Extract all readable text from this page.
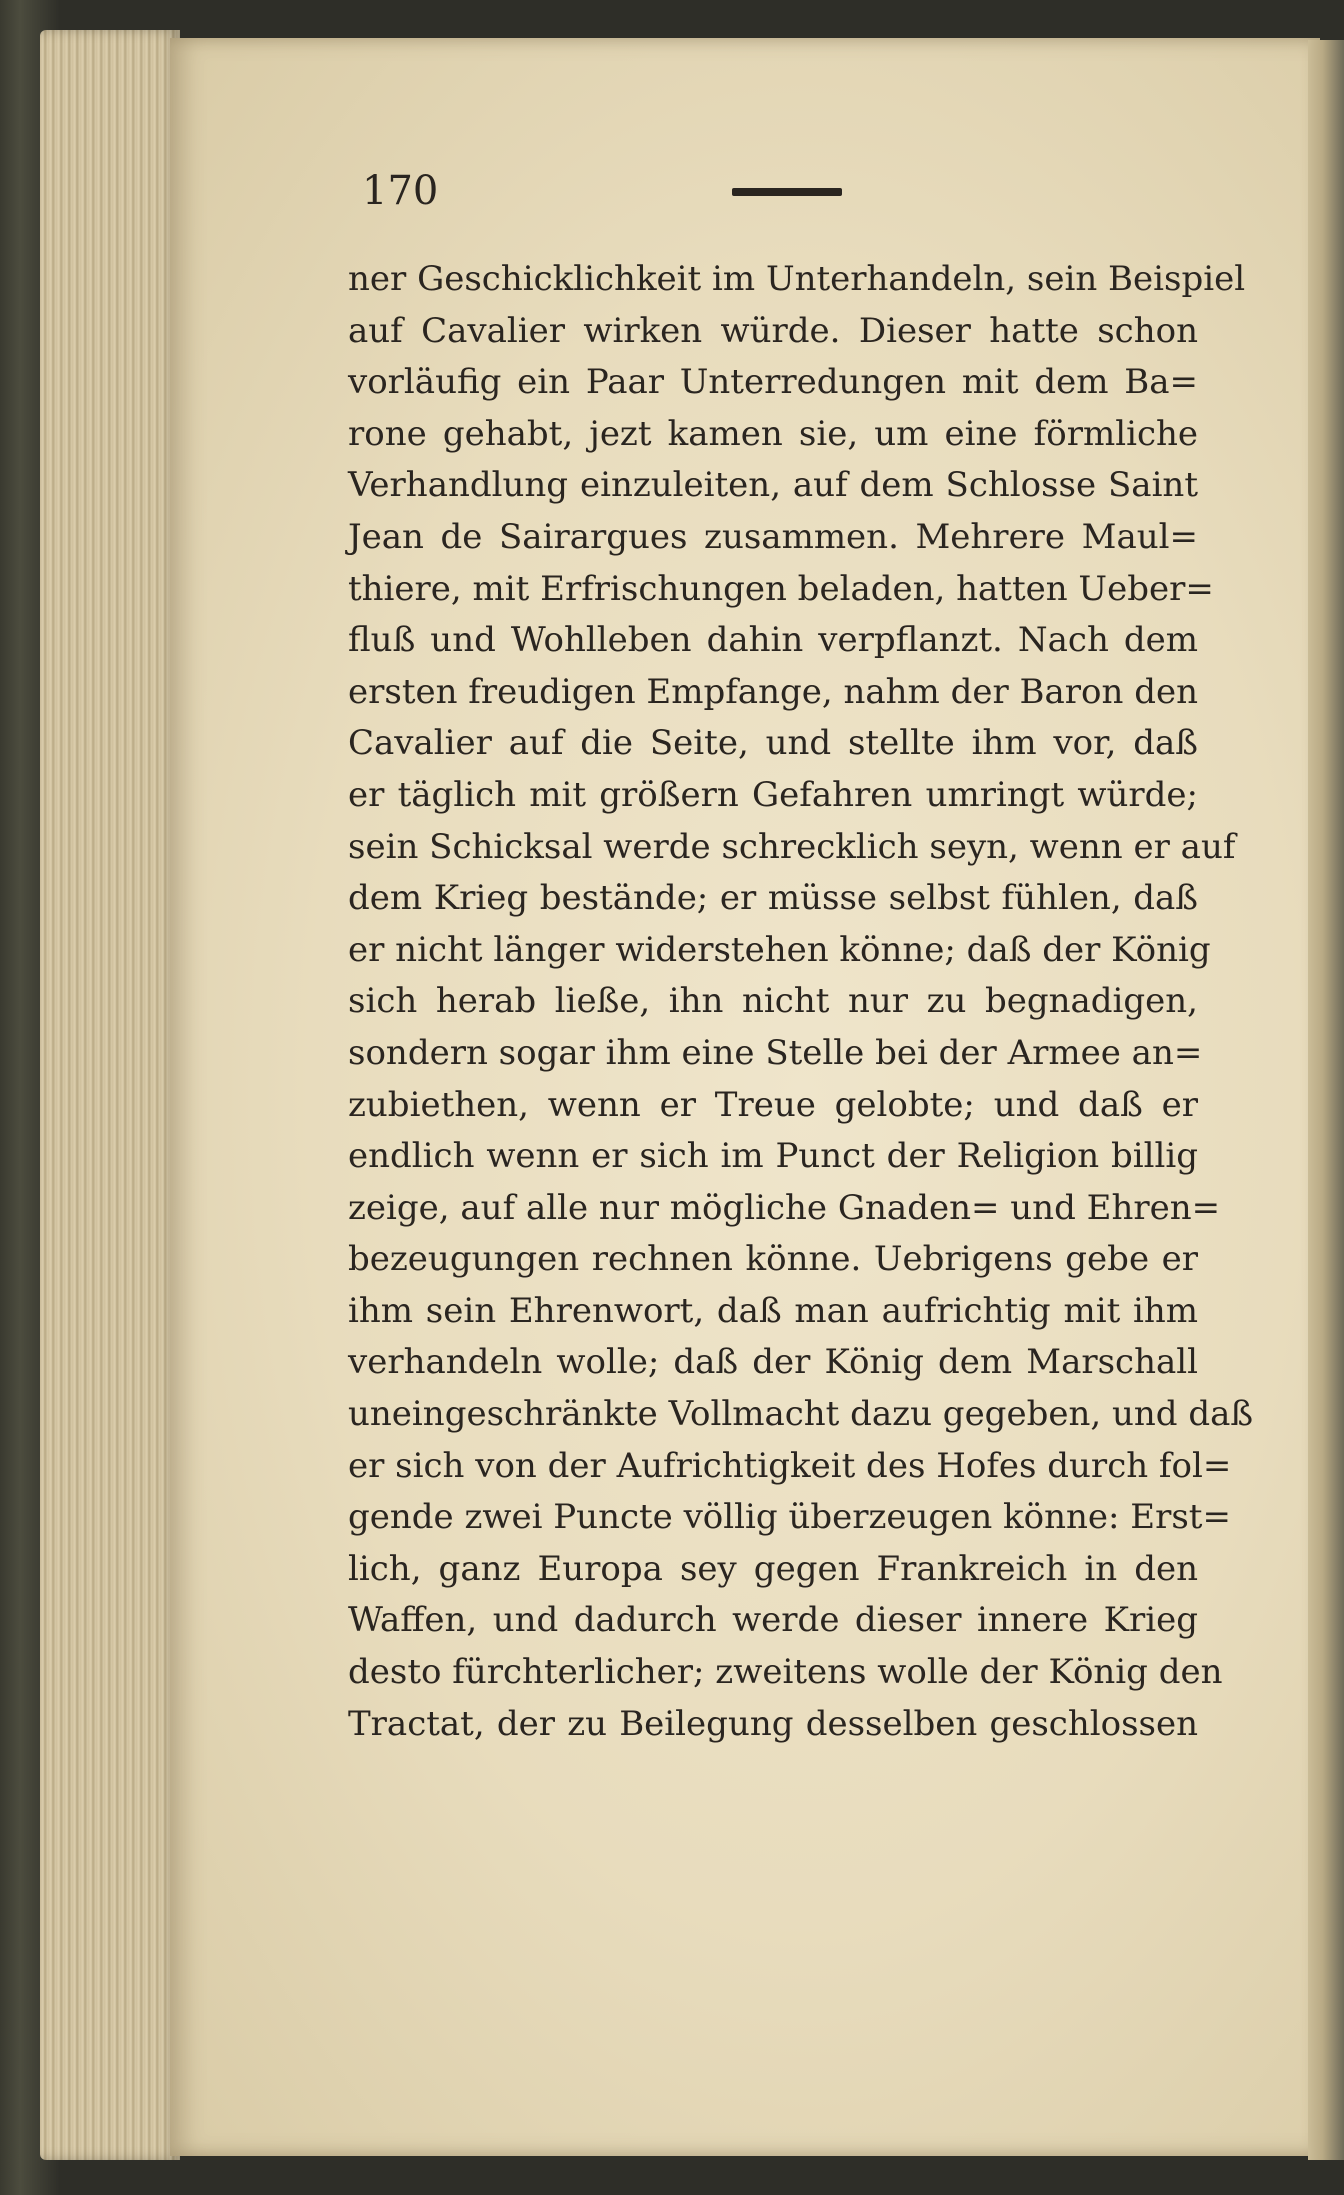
170
ner Geschicklichkeit im Unterhandeln, sein Beispiel
auf Cavalier wirken würde. Dieser hatte schon
vorläufig ein Paar Unterredungen mit dem Ba=
rone gehabt, jezt kamen sie, um eine förmliche
Verhandlung einzuleiten, auf dem Schlosse Saint
Jean de Sairargues zusammen. Mehrere Maul=
thiere, mit Erfrischungen beladen, hatten Ueber=
fluß und Wohlleben dahin verpflanzt. Nach dem
ersten freudigen Empfange, nahm der Baron den
Cavalier auf die Seite, und stellte ihm vor, daß
er täglich mit größern Gefahren umringt würde;
sein Schicksal werde schrecklich seyn, wenn er auf
dem Krieg bestände; er müsse selbst fühlen, daß
er nicht länger widerstehen könne; daß der König
sich herab ließe, ihn nicht nur zu begnadigen,
sondern sogar ihm eine Stelle bei der Armee an=
zubiethen, wenn er Treue gelobte; und daß er
endlich wenn er sich im Punct der Religion billig
zeige, auf alle nur mögliche Gnaden= und Ehren=
bezeugungen rechnen könne. Uebrigens gebe er
ihm sein Ehrenwort, daß man aufrichtig mit ihm
verhandeln wolle; daß der König dem Marschall
uneingeschränkte Vollmacht dazu gegeben, und daß
er sich von der Aufrichtigkeit des Hofes durch fol=
gende zwei Puncte völlig überzeugen könne: Erst=
lich, ganz Europa sey gegen Frankreich in den
Waffen, und dadurch werde dieser innere Krieg
desto fürchterlicher; zweitens wolle der König den
Tractat, der zu Beilegung desselben geschlossen
